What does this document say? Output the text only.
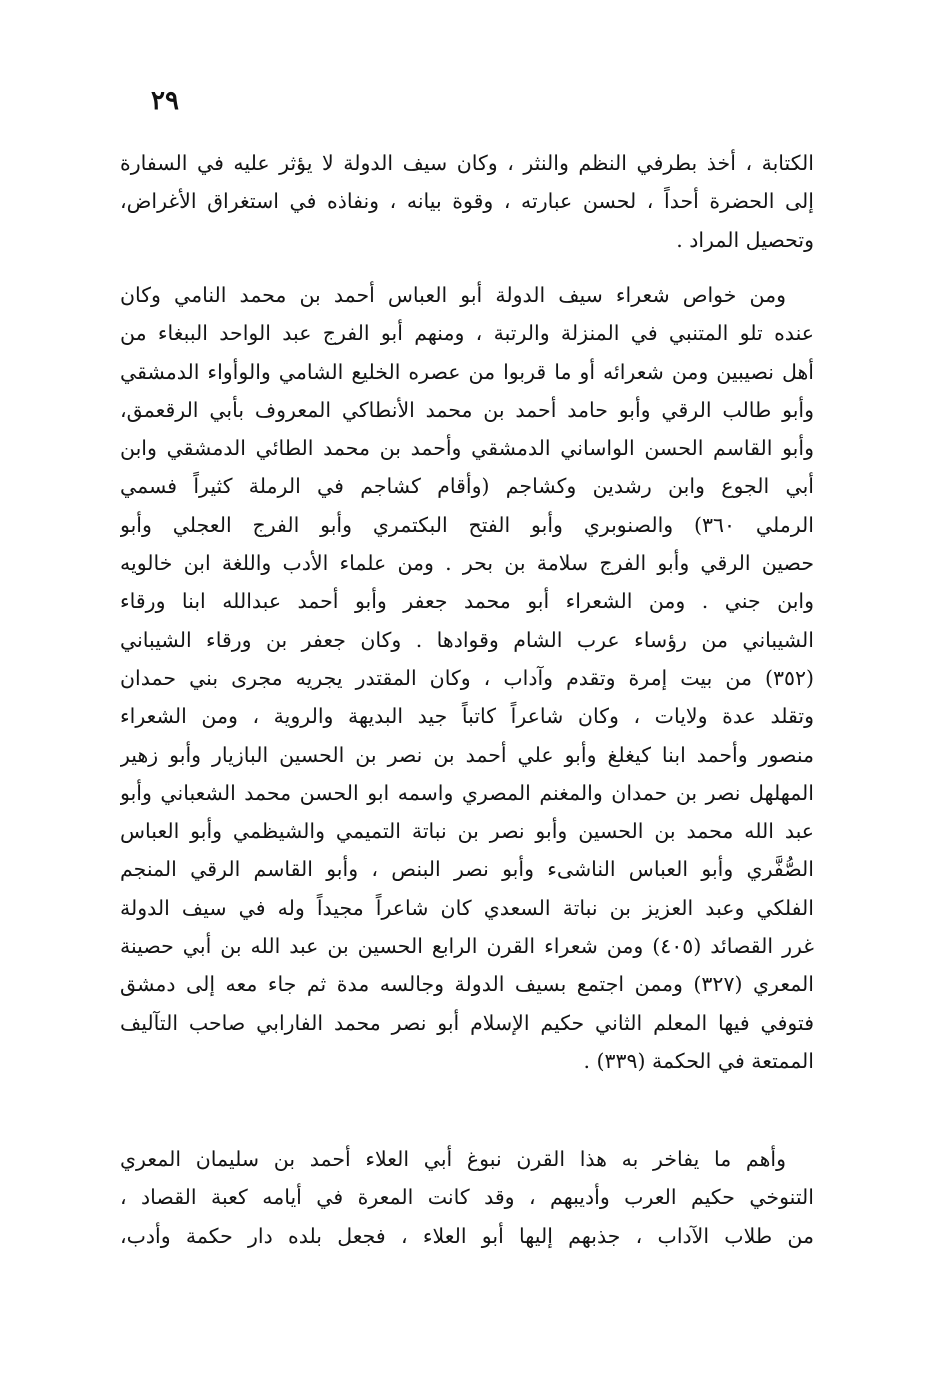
٢٩
الكتابة ، أخذ بطرفي النظم والنثر ، وكان سيف الدولة لا يؤثر عليه في السفارة
إلى الحضرة أحداً ، لحسن عبارته ، وقوة بيانه ، ونفاذه في استغراق الأغراض،
وتحصيل المراد .
ومن خواص شعراء سيف الدولة أبو العباس أحمد بن محمد النامي وكان
عنده تلو المتنبي في المنزلة والرتبة ، ومنهم أبو الفرج عبد الواحد الببغاء من
أهل نصيبين ومن شعرائه أو ما قربوا من عصره الخليع الشامي والوأواء الدمشقي
وأبو طالب الرقي وأبو حامد أحمد بن محمد الأنطاكي المعروف بأبي الرقعمق،
وأبو القاسم الحسن الواساني الدمشقي وأحمد بن محمد الطائي الدمشقي وابن
أبي الجوع وابن رشدين وكشاجم (وأقام كشاجم في الرملة كثيراً فسمي
الرملي ٣٦٠) والصنوبري وأبو الفتح البكتمري وأبو الفرج العجلي وأبو
حصين الرقي وأبو الفرج سلامة بن بحر . ومن علماء الأدب واللغة ابن خالويه
وابن جني . ومن الشعراء أبو محمد جعفر وأبو أحمد عبدالله ابنا ورقاء
الشيباني من رؤساء عرب الشام وقوادها . وكان جعفر بن ورقاء الشيباني
(٣٥٢) من بيت إمرة وتقدم وآداب ، وكان المقتدر يجريه مجرى بني حمدان
وتقلد عدة ولايات ، وكان شاعراً كاتباً جيد البديهة والروية ، ومن الشعراء
منصور وأحمد ابنا كيغلغ وأبو علي أحمد بن نصر بن الحسين البازيار وأبو زهير
المهلهل نصر بن حمدان والمغنم المصري واسمه ابو الحسن محمد الشعباني وأبو
عبد الله محمد بن الحسين وأبو نصر بن نباتة التميمي والشيظمي وأبو العباس
الصُّفَّري وأبو العباس الناشىء وأبو نصر البنص ، وأبو القاسم الرقي المنجم
الفلكي وعبد العزيز بن نباتة السعدي كان شاعراً مجيداً وله في سيف الدولة
غرر القصائد (٤٠٥) ومن شعراء القرن الرابع الحسين بن عبد الله بن أبي حصينة
المعري (٣٢٧) وممن اجتمع بسيف الدولة وجالسه مدة ثم جاء معه إلى دمشق
فتوفي فيها المعلم الثاني حكيم الإسلام أبو نصر محمد الفارابي صاحب التآليف
الممتعة في الحكمة (٣٣٩) .
وأهم ما يفاخر به هذا القرن نبوغ أبي العلاء أحمد بن سليمان المعري
التنوخي حكيم العرب وأديبهم ، وقد كانت المعرة في أيامه كعبة القصاد ،
من طلاب الآداب ، جذبهم إليها أبو العلاء ، فجعل بلده دار حكمة وأدب،
